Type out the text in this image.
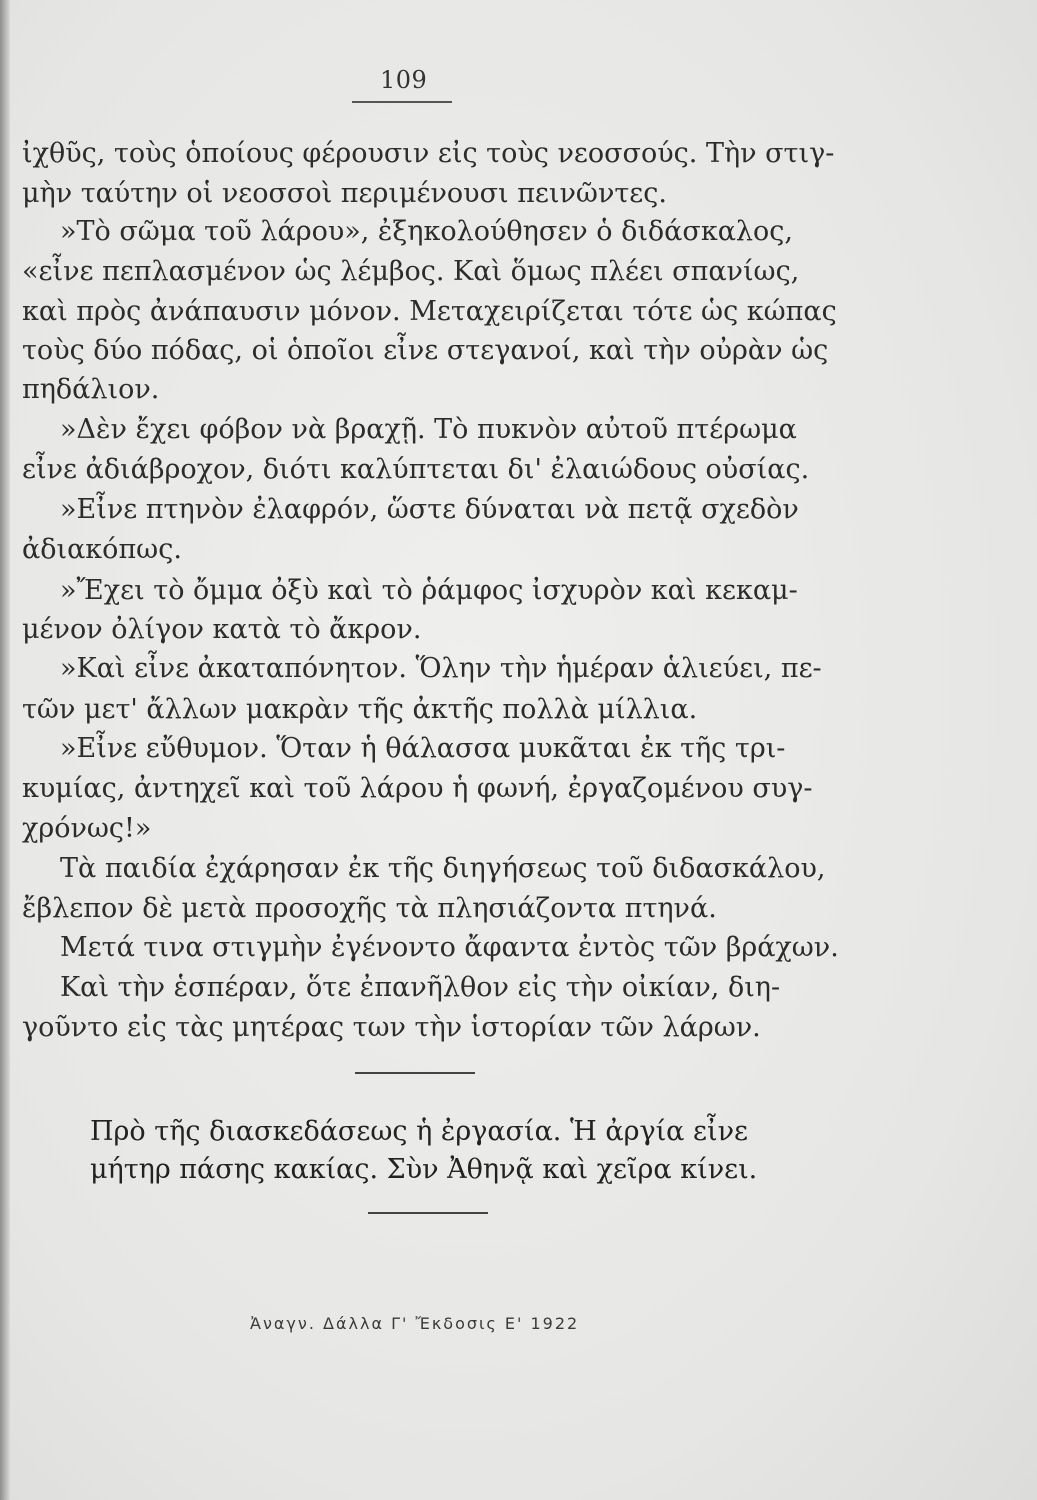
109
ἰχθῦς, τοὺς ὁποίους φέρουσιν εἰς τοὺς νεοσσούς. Τὴν στιγ-
μὴν ταύτην οἱ νεοσσοὶ περιμένουσι πεινῶντες.
»Τὸ σῶμα τοῦ λάρου», ἐξηκολούθησεν ὁ διδάσκαλος,
«εἶνε πεπλασμένον ὡς λέμβος. Καὶ ὅμως πλέει σπανίως,
καὶ πρὸς ἀνάπαυσιν μόνον. Μεταχειρίζεται τότε ὡς κώπας
τοὺς δύο πόδας, οἱ ὁποῖοι εἶνε στεγανοί, καὶ τὴν οὐρὰν ὡς
πηδάλιον.
»Δὲν ἔχει φόβον νὰ βραχῇ. Τὸ πυκνὸν αὐτοῦ πτέρωμα
εἶνε ἀδιάβροχον, διότι καλύπτεται δι' ἐλαιώδους οὐσίας.
»Εἶνε πτηνὸν ἐλαφρόν, ὥστε δύναται νὰ πετᾷ σχεδὸν
ἀδιακόπως.
»Ἔχει τὸ ὄμμα ὀξὺ καὶ τὸ ῥάμφος ἰσχυρὸν καὶ κεκαμ-
μένον ὀλίγον κατὰ τὸ ἄκρον.
»Καὶ εἶνε ἀκαταπόνητον. Ὅλην τὴν ἡμέραν ἁλιεύει, πε-
τῶν μετ' ἄλλων μακρὰν τῆς ἀκτῆς πολλὰ μίλλια.
»Εἶνε εὔθυμον. Ὅταν ἡ θάλασσα μυκᾶται ἐκ τῆς τρι-
κυμίας, ἀντηχεῖ καὶ τοῦ λάρου ἡ φωνή, ἐργαζομένου συγ-
χρόνως!»
Τὰ παιδία ἐχάρησαν ἐκ τῆς διηγήσεως τοῦ διδασκάλου,
ἔβλεπον δὲ μετὰ προσοχῆς τὰ πλησιάζοντα πτηνά.
Μετά τινα στιγμὴν ἐγένοντο ἄφαντα ἐντὸς τῶν βράχων.
Καὶ τὴν ἑσπέραν, ὅτε ἐπανῆλθον εἰς τὴν οἰκίαν, διη-
γοῦντο εἰς τὰς μητέρας των τὴν ἱστορίαν τῶν λάρων.
Πρὸ τῆς διασκεδάσεως ἡ ἐργασία. Ἡ ἀργία εἶνε
μήτηρ πάσης κακίας. Σὺν Ἀθηνᾷ καὶ χεῖρα κίνει.
Ἀναγν. Δάλλα Γ' Ἔκδοσις Ε' 1922
